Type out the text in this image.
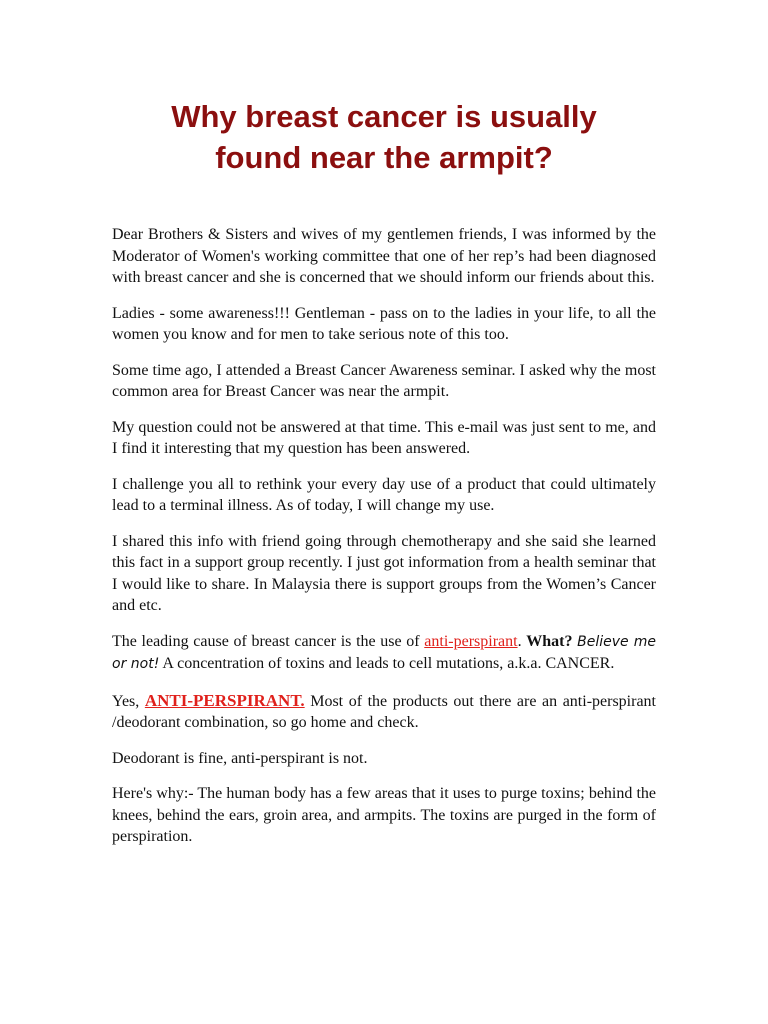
Why breast cancer is usually
found near the armpit?

Dear Brothers & Sisters and wives of my gentlemen friends, I was informed by the Moderator of Women's working committee that one of her rep’s had been diagnosed with breast cancer and she is concerned that we should inform our friends about this.

Ladies - some awareness!!! Gentleman - pass on to the ladies in your life, to all the women you know and for men to take serious note of this too.

Some time ago, I attended a Breast Cancer Awareness seminar. I asked why the most common area for Breast Cancer was near the armpit.

My question could not be answered at that time. This e-mail was just sent to me, and I find it interesting that my question has been answered.

I challenge you all to rethink your every day use of a product that could ultimately lead to a terminal illness. As of today, I will change my use.

I shared this info with friend going through chemotherapy and she said she learned this fact in a support group recently. I just got information from a health seminar that I would like to share. In Malaysia there is support groups from the Women’s Cancer and etc.

The leading cause of breast cancer is the use of anti-perspirant. What? Believe me or not! A concentration of toxins and leads to cell mutations, a.k.a. CANCER.

Yes, ANTI-PERSPIRANT. Most of the products out there are an anti-perspirant /deodorant combination, so go home and check.

Deodorant is fine, anti-perspirant is not.

Here's why:- The human body has a few areas that it uses to purge toxins; behind the knees, behind the ears, groin area, and armpits. The toxins are purged in the form of perspiration.
